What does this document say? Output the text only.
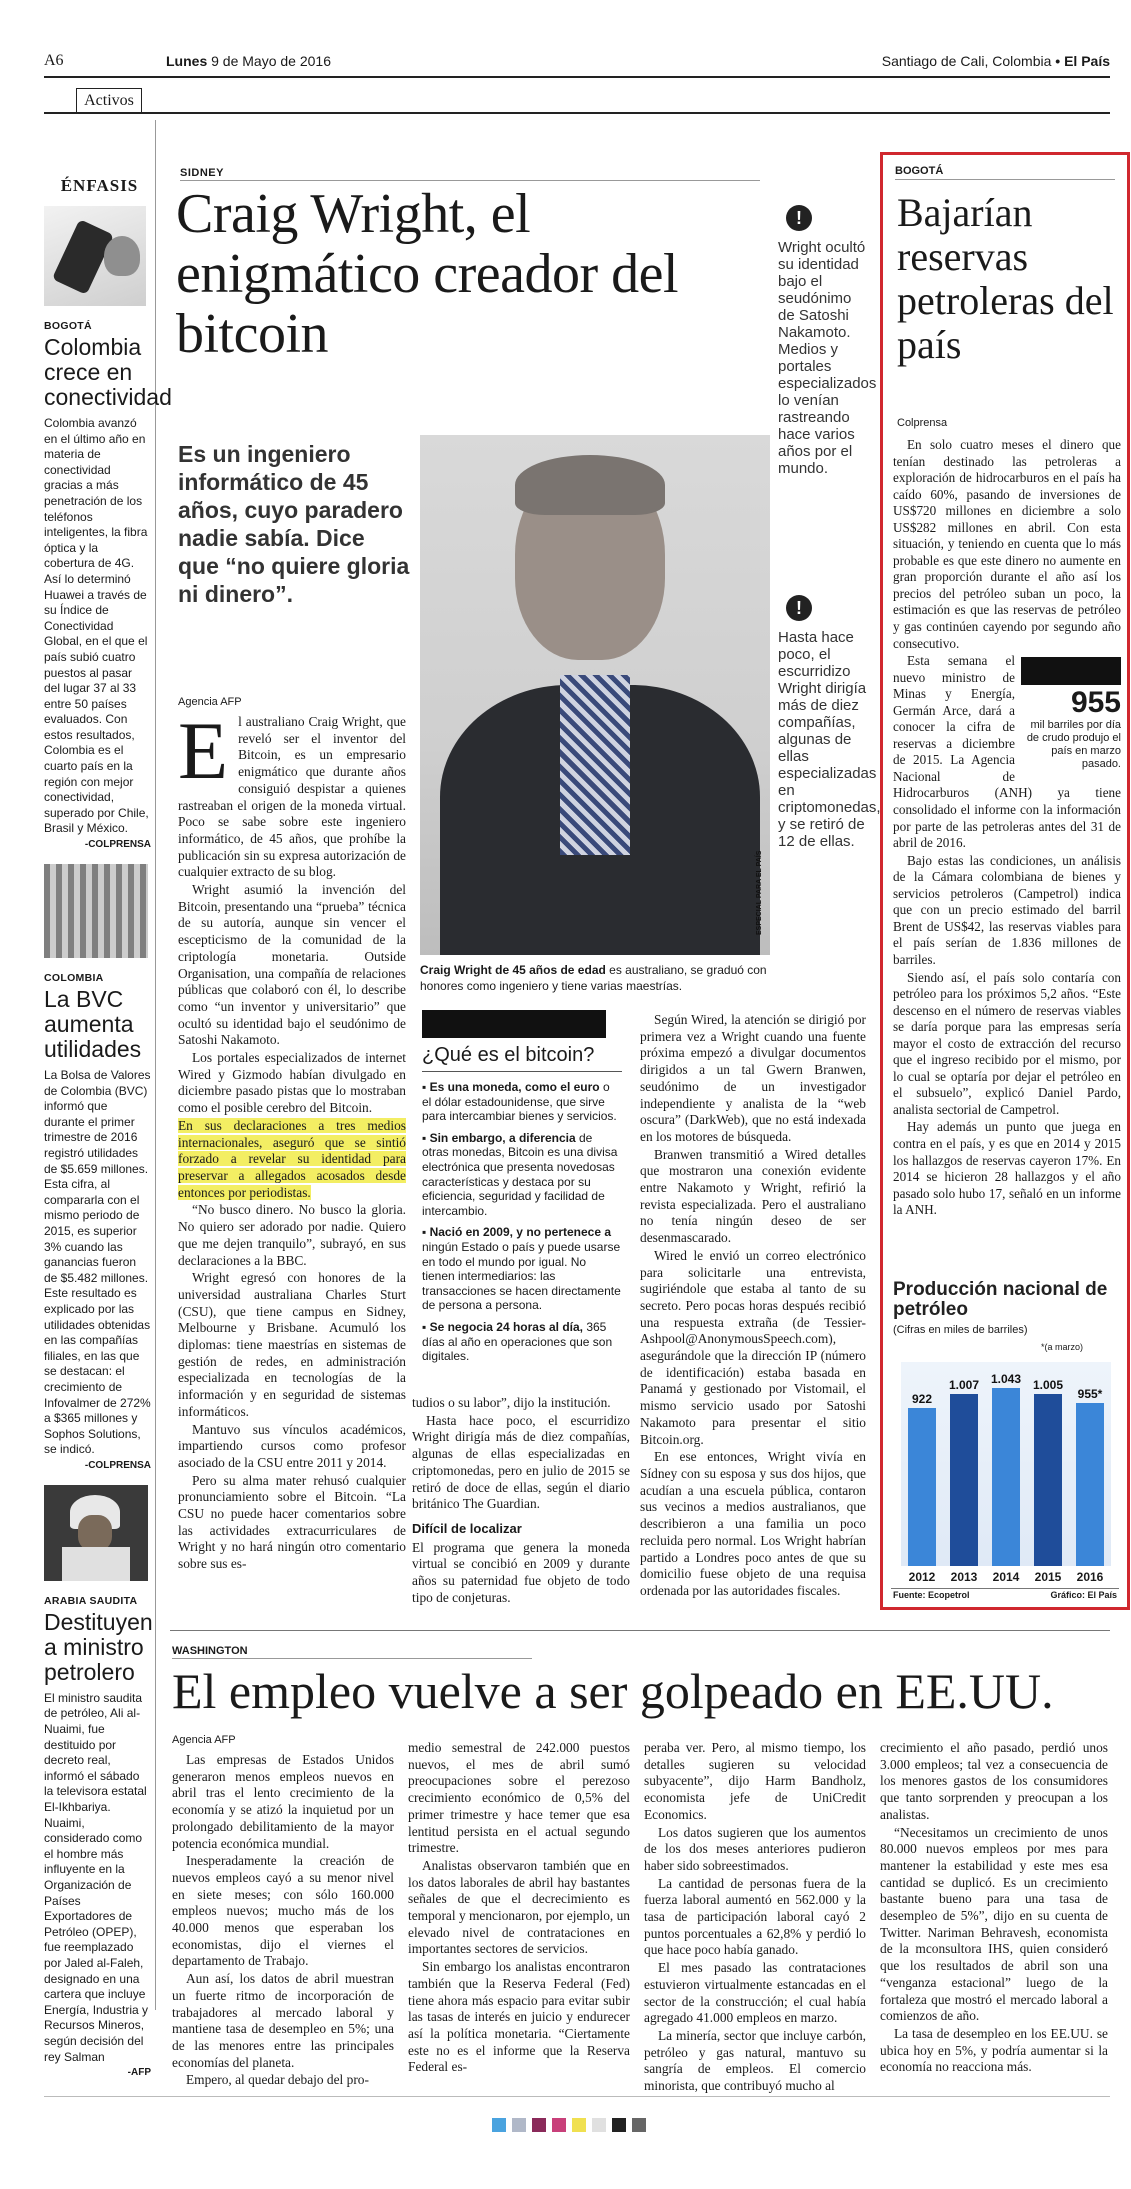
A6	Lunes 9 de Mayo de 2016	Santiago de Cali, Colombia • El País
Activos
ÉNFASIS
BOGOTÁ
Colombia crece en conectividad
Colombia avanzó en el último año en materia de conectividad gracias a más penetración de los teléfonos inteligentes, la fibra óptica y la cobertura de 4G. Así lo determinó Huawei a través de su Índice de Conectividad Global, en el que el país subió cuatro puestos al pasar del lugar 37 al 33 entre 50 países evaluados. Con estos resultados, Colombia es el cuarto país en la región con mejor conectividad, superado por Chile, Brasil y México.
-COLPRENSA
COLOMBIA
La BVC aumenta utilidades
La Bolsa de Valores de Colombia (BVC) informó que durante el primer trimestre de 2016 registró utilidades de $5.659 millones. Esta cifra, al compararla con el mismo periodo de 2015, es superior 3% cuando las ganancias fueron de $5.482 millones. Este resultado es explicado por las utilidades obtenidas en las compañías filiales, en las que se destacan: el crecimiento de Infovalmer de 272% a $365 millones y Sophos Solutions, se indicó.
-COLPRENSA
ARABIA SAUDITA
Destituyen a ministro petrolero
El ministro saudita de petróleo, Ali al-Nuaimi, fue destituido por decreto real, informó el sábado la televisora estatal El-Ikhbariya. Nuaimi, considerado como el hombre más influyente en la Organización de Países Exportadores de Petróleo (OPEP), fue reemplazado por Jaled al-Faleh, designado en una cartera que incluye Energía, Industria y Recursos Mineros, según decisión del rey Salman
-AFP
SIDNEY
Craig Wright, el enigmático creador del bitcoin
Es un ingeniero informático de 45 años, cuyo paradero nadie sabía. Dice que “no quiere gloria ni dinero”.
Agencia AFP
ESPECIAL PARA EL PAÍS
Craig Wright de 45 años de edad es australiano, se graduó con honores como ingeniero y tiene varias maestrías.
!
Wright ocultó su identidad bajo el seudónimo de Satoshi Nakamoto. Medios y portales especializados lo venían rastreando hace varios años por el mundo.
!
Hasta hace poco, el escurridizo Wright dirigía más de diez compañías, algunas de ellas especializadas en criptomonedas, y se retiró de 12 de ellas.

El australiano Craig Wright, que reveló ser el inventor del Bitcoin, es un empresario enigmático que durante años consiguió despistar a quienes rastreaban el origen de la moneda virtual. Poco se sabe sobre este ingeniero informático, de 45 años, que prohíbe la publicación sin su expresa autorización de cualquier extracto de su blog.

Wright asumió la invención del Bitcoin, presentando una “prueba” técnica de su autoría, aunque sin vencer el escepticismo de la comunidad de la criptología monetaria. Outside Organisation, una compañía de relaciones públicas que colaboró con él, lo describe como “un inventor y universitario” que ocultó su identidad bajo el seudónimo de Satoshi Nakamoto.

Los portales especializados de internet Wired y Gizmodo habían divulgado en diciembre pasado pistas que lo mostraban como el posible cerebro del Bitcoin.

En sus declaraciones a tres medios internacionales, aseguró que se sintió forzado a revelar su identidad para preservar a allegados acosados desde entonces por periodistas.

“No busco dinero. No busco la gloria. No quiero ser adorado por nadie. Quiero que me dejen tranquilo”, subrayó, en sus declaraciones a la BBC.

Wright egresó con honores de la universidad australiana Charles Sturt (CSU), que tiene campus en Sidney, Melbourne y Brisbane. Acumuló los diplomas: tiene maestrías en sistemas de gestión de redes, en administración especializada en tecnologías de la información y en seguridad de sistemas informáticos.

Mantuvo sus vínculos académicos, impartiendo cursos como profesor asociado de la CSU entre 2011 y 2014.

Pero su alma mater rehusó cualquier pronunciamiento sobre el Bitcoin. “La CSU no puede hacer comentarios sobre las actividades extracurriculares de Wright y no hará ningún otro comentario sobre sus es-

¿Qué es el bitcoin?
▪ Es una moneda, como el euro o el dólar estadounidense, que sirve para intercambiar bienes y servicios.
▪ Sin embargo, a diferencia de otras monedas, Bitcoin es una divisa electrónica que presenta novedosas características y destaca por su eficiencia, seguridad y facilidad de intercambio.
▪ Nació en 2009, y no pertenece a ningún Estado o país y puede usarse en todo el mundo por igual. No tienen intermediarios: las transacciones se hacen directamente de persona a persona.
▪ Se negocia 24 horas al día, 365 días al año en operaciones que son digitales.

tudios o su labor”, dijo la institución.

Hasta hace poco, el escurridizo Wright dirigía más de diez compañías, algunas de ellas especializadas en criptomonedas, pero en julio de 2015 se retiró de doce de ellas, según el diario británico The Guardian.

Difícil de localizar

El programa que genera la moneda virtual se concibió en 2009 y durante años su paternidad fue objeto de todo tipo de conjeturas.

Según Wired, la atención se dirigió por primera vez a Wright cuando una fuente próxima empezó a divulgar documentos dirigidos a un tal Gwern Branwen, seudónimo de un investigador independiente y analista de la “web oscura” (DarkWeb), que no está indexada en los motores de búsqueda.

Branwen transmitió a Wired detalles que mostraron una conexión evidente entre Nakamoto y Wright, refirió la revista especializada. Pero el australiano no tenía ningún deseo de ser desenmascarado.

Wired le envió un correo electrónico para solicitarle una entrevista, sugiriéndole que estaba al tanto de su secreto. Pero pocas horas después recibió una respuesta extraña (de Tessier-Ashpool@AnonymousSpeech.com), asegurándole que la dirección IP (número de identificación) estaba basada en Panamá y gestionado por Vistomail, el mismo servicio usado por Satoshi Nakamoto para presentar el sitio Bitcoin.org.

En ese entonces, Wright vivía en Sídney con su esposa y sus dos hijos, que acudían a una escuela pública, contaron sus vecinos a medios australianos, que describieron a una familia un poco recluida pero normal. Los Wright habrían partido a Londres poco antes de que su domicilio fuese objeto de una requisa ordenada por las autoridades fiscales.

BOGOTÁ
Bajarían reservas petroleras del país
Colprensa

En solo cuatro meses el dinero que tenían destinado las petroleras a exploración de hidrocarburos en el país ha caído 60%, pasando de inversiones de US$720 millones en diciembre a solo US$282 millones en abril. Con esta situación, y teniendo en cuenta que lo más probable es que este dinero no aumente en gran proporción durante el año así los precios del petróleo suban un poco, la estimación es que las reservas de petróleo y gas continúen cayendo por segundo año consecutivo.

955
mil barriles por día de crudo produjo el país en marzo pasado.

Esta semana el nuevo ministro de Minas y Energía, Germán Arce, dará a conocer la cifra de reservas a diciembre de 2015. La Agencia Nacional de Hidrocarburos (ANH) ya tiene consolidado el informe con la información por parte de las petroleras antes del 31 de abril de 2016.

Bajo estas las condiciones, un análisis de la Cámara colombiana de bienes y servicios petroleros (Campetrol) indica que con un precio estimado del barril Brent de US$42, las reservas viables para el país serían de 1.836 millones de barriles.

Siendo así, el país solo contaría con petróleo para los próximos 5,2 años. “Este descenso en el número de reservas viables se daría porque para las empresas sería mayor el costo de extracción del recurso que el ingreso recibido por el mismo, por lo cual se optaría por dejar el petróleo en el subsuelo”, explicó Daniel Pardo, analista sectorial de Campetrol.

Hay además un punto que juega en contra en el país, y es que en 2014 y 2015 los hallazgos de reservas cayeron 17%. En 2014 se hicieron 28 hallazgos y el año pasado solo hubo 17, señaló en un informe la ANH.

Producción nacional de petróleo
(Cifras en miles de barriles)
*(a marzo)
922
2012
1.007
2013
1.043
2014
1.005
2015
955*
2016
Fuente: Ecopetrol	Gráfico: El País
WASHINGTON
El empleo vuelve a ser golpeado en EE.UU.
Agencia AFP

Las empresas de Estados Unidos generaron menos empleos nuevos en abril tras el lento crecimiento de la economía y se atizó la inquietud por un prolongado debilitamiento de la mayor potencia económica mundial.

Inesperadamente la creación de nuevos empleos cayó a su menor nivel en siete meses; con sólo 160.000 empleos nuevos; mucho más de los 40.000 menos que esperaban los economistas, dijo el viernes el departamento de Trabajo.

Aun así, los datos de abril muestran un fuerte ritmo de incorporación de trabajadores al mercado laboral y mantiene tasa de desempleo en 5%; una de las menores entre las principales economías del planeta.

Empero, al quedar debajo del pro-

medio semestral de 242.000 puestos nuevos, el mes de abril sumó preocupaciones sobre el perezoso crecimiento económico de 0,5% del primer trimestre y hace temer que esa lentitud persista en el actual segundo trimestre.

Analistas observaron también que en los datos laborales de abril hay bastantes señales de que el decrecimiento es temporal y mencionaron, por ejemplo, un elevado nivel de contrataciones en importantes sectores de servicios.

Sin embargo los analistas encontraron también que la Reserva Federal (Fed) tiene ahora más espacio para evitar subir las tasas de interés en juicio y endurecer así la política monetaria. “Ciertamente este no es el informe que la Reserva Federal es-

peraba ver. Pero, al mismo tiempo, los detalles sugieren su velocidad subyacente”, dijo Harm Bandholz, economista jefe de UniCredit Economics.

Los datos sugieren que los aumentos de los dos meses anteriores pudieron haber sido sobreestimados.

La cantidad de personas fuera de la fuerza laboral aumentó en 562.000 y la tasa de participación laboral cayó 2 puntos porcentuales a 62,8% y perdió lo que hace poco había ganado.

El mes pasado las contrataciones estuvieron virtualmente estancadas en el sector de la construcción; el cual había agregado 41.000 empleos en marzo.

La minería, sector que incluye carbón, petróleo y gas natural, mantuvo su sangría de empleos. El comercio minorista, que contribuyó mucho al

crecimiento el año pasado, perdió unos 3.000 empleos; tal vez a consecuencia de los menores gastos de los consumidores que tanto sorprenden y preocupan a los analistas.

“Necesitamos un crecimiento de unos 80.000 nuevos empleos por mes para mantener la estabilidad y este mes esa cantidad se duplicó. Es un crecimiento bastante bueno para una tasa de desempleo de 5%”, dijo en su cuenta de Twitter. Nariman Behravesh, economista de la mconsultora IHS, quien consideró que los resultados de abril son una “venganza estacional” luego de la fortaleza que mostró el mercado laboral a comienzos de año.

La tasa de desempleo en los EE.UU. se ubica hoy en 5%, y podría aumentar si la economía no reacciona más.
